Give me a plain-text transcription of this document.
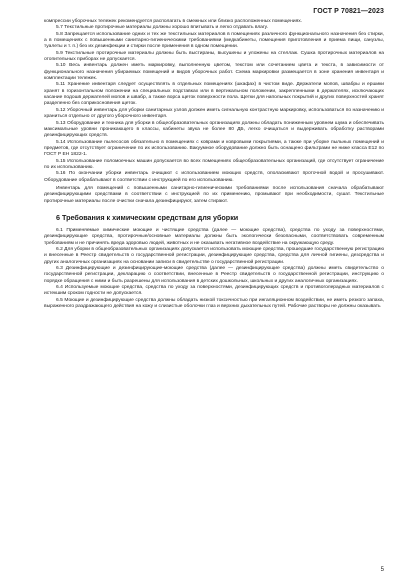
ГОСТ Р 70821—2023

компрессии уборочных тележек рекомендуется располагать в смежных или близко расположенных помещениях.

5.7 Текстильные протирочные материалы должны хорошо впитывать и легко отдавать влагу.

5.8 Запрещается использование одних и тех же текстильных материалов в помещениях различного функционального назначения без стирки, а в помещениях с повышенными санитарно-гигиеническими требованиями (медкабинеты, помещения приготовления и приема пищи, санузлы, туалеты и т. п.) без их дезинфекции и стирки после применения в одном помещении.

5.9 Текстильные протирочные материалы должны быть выстираны, высушены и уложены на стеллаж. Сушка протирочных материалов на отопительных приборах не допускается.

5.10 Весь инвентарь должен иметь маркировку, выполненную цветом, текстом или сочетанием цвета и текста, в зависимости от функционального назначения убираемых помещений и видов уборочных работ. Схема маркировки размещается в зоне хранения инвентаря и комплектации тележек.

5.11 Хранение инвентаря следует осуществлять в отдельных помещениях (шкафах) в чистом виде. Держатели мопов, швабры и ершики хранят в горизонтальном положении на специальных подставках или в вертикальном положении, закрепленными в держателях, исключающих касание подошв держателей мопов и швабр, а также ворса щеток поверхности пола. Щетки для напольных покрытий и других поверхностей хранят разделенно без соприкосновения щеток.

5.12 Уборочный инвентарь для уборки санитарных узлов должен иметь сигнальную контрастную маркировку, использоваться по назначению и храниться отдельно от другого уборочного инвентаря.

5.13 Оборудование и техника для уборки в общеобразовательных организациях должны обладать пониженным уровнем шума и обеспечивать максимальные уровни проникающего в классы, кабинеты звука не более 80 ДБ, легко очищаться и выдерживать обработку растворами дезинфицирующих средств.

5.14 Использование пылесосов обязательно в помещениях с коврами и ковровыми покрытиями, а также при уборке пыльных помещений и предметов, где отсутствует ограничение по их использованию. Вакуумное оборудование должно быть оснащено фильтрами не ниже класса E12 по ГОСТ Р ЕН 1822-1.

5.15 Использование поломоечных машин допускается во всех помещениях общеобразовательных организаций, где отсутствует ограничение по их использованию.

5.16 По окончании уборки инвентарь очищают с использованием моющих средств, ополаскивают проточной водой и просушивают. Оборудование обрабатывают в соответствии с инструкцией по его использованию.

Инвентарь для помещений с повышенными санитарно-гигиеническими требованиями после использования сначала обрабатывают дезинфицирующими средствами в соответствии с инструкцией по их применению, промывают при необходимости, сушат. Текстильные протирочные материалы после очистки сначала дезинфицируют, затем стирают.

6 Требования к химическим средствам для уборки

6.1 Применяемые химические моющие и чистящие средства (далее — моющие средства), средства по уходу за поверхностями, дезинфицирующие средства, протирочные/основные материалы должны быть экологически безопасными, соответствовать современным требованиям и не причинять вреда здоровью людей, животных и не оказывать негативное воздействие на окружающую среду.

6.2 Для уборки в общеобразовательных организациях допускается использовать моющие средства, прошедшие государственную регистрацию и внесенные в Реестр свидетельств о государственной регистрации, дезинфицирующие средства, средства для личной гигиены, дезсредства и других аналогичных организациях на основании записи в свидетельстве о государственной регистрации.

6.3 Дезинфицирующие и дезинфицирующие-моющие средства (далее — дезинфицирующие средства) должны иметь свидетельство о государственной регистрации, декларацию о соответствии, внесенные в Реестр свидетельств о государственной регистрации, инструкцию о порядке обращения с ними и быть разрешены для использования в детских дошкольных, школьных и других аналогичных организациях.

6.4 Используемые моющие средства, средства по уходу за поверхностями, дезинфицирующих средств и противоголерадных материалов с истекшим сроком годности не допускается.

6.5 Моющие и дезинфицирующие средства должны обладать низкой токсичностью при ингаляционном воздействии, не иметь резкого запаха, выраженного раздражающего действия на кожу и слизистые оболочки глаз и верхних дыхательных путей. Рабочие растворы не должны оказывать

5
